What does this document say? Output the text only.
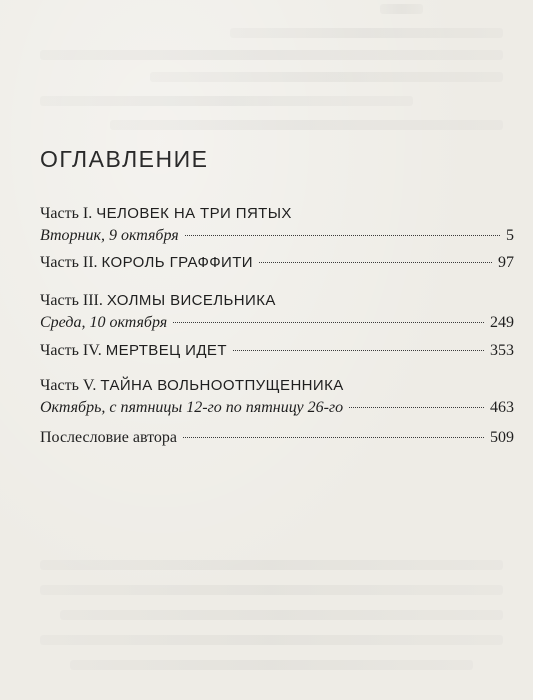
ОГЛАВЛЕНИЕ
Часть I. ЧЕЛОВЕК НА ТРИ ПЯТЫХ
Вторник, 9 октября	5
Часть II. КОРОЛЬ ГРАФФИТИ	97
Часть III. ХОЛМЫ ВИСЕЛЬНИКА
Среда, 10 октября	249
Часть IV. МЕРТВЕЦ ИДЕТ	353
Часть V. ТАЙНА ВОЛЬНООТПУЩЕННИКА
Октябрь, с пятницы 12-го по пятницу 26-го	463
Послесловие автора	509
